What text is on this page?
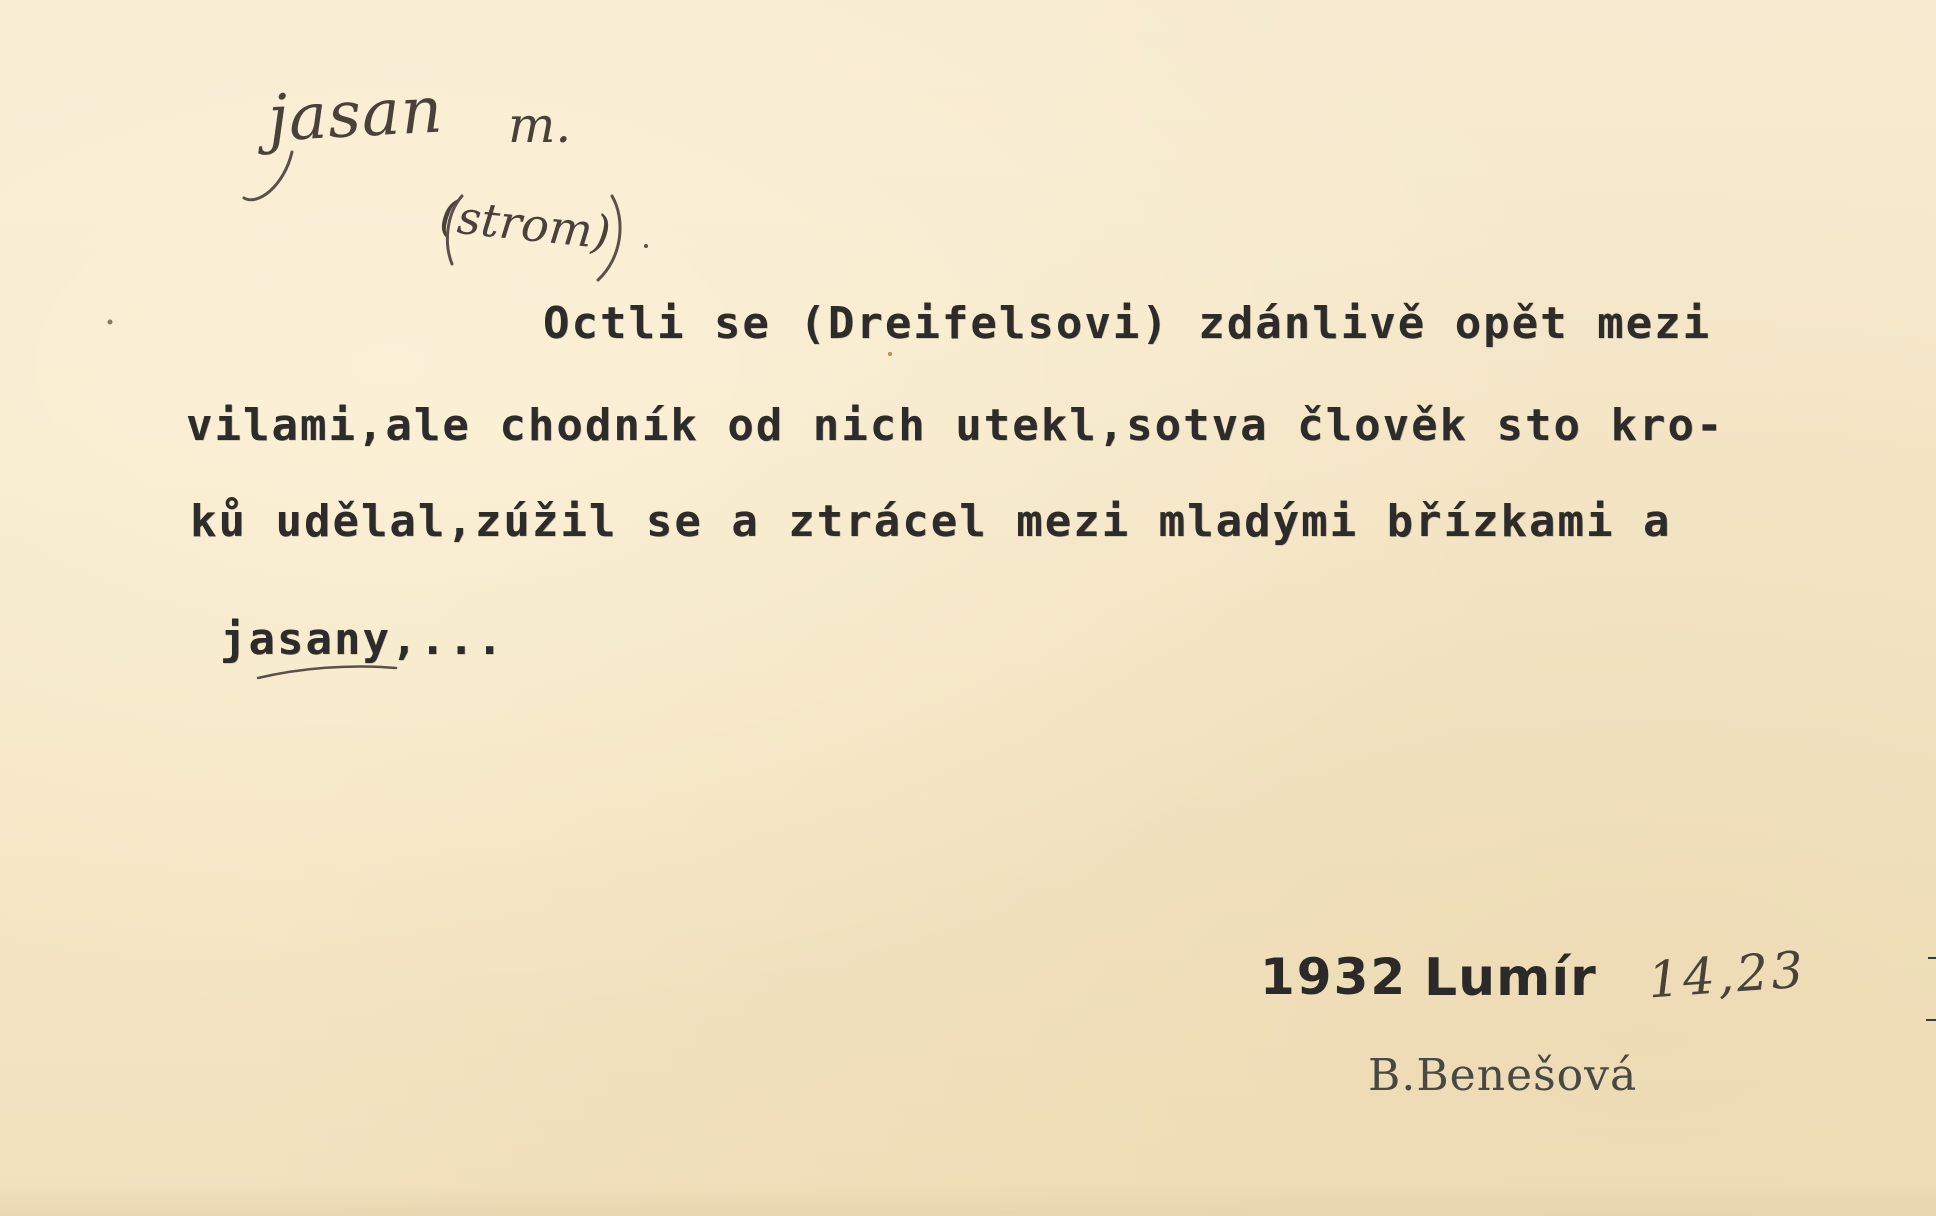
jasan m.
(strom)

Octli se (Dreifelsovi) zdánlivě opět mezi

vilami,ale chodník od nich utekl,sotva člověk sto kro-

ků udělal,zúžil se a ztrácel mezi mladými břízkami a

jasany,...

1932 Lumír 14,23
B.Benešová
